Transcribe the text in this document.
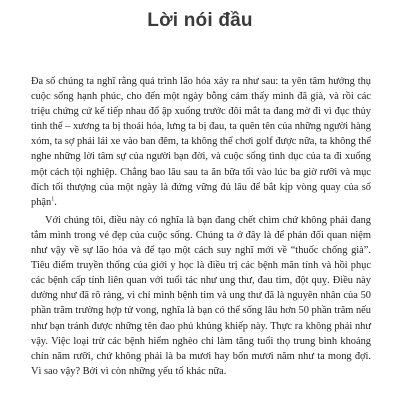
Lời nói đầu

Đa số chúng ta nghĩ rằng quá trình lão hóa xảy ra như sau: ta yên tâm hưởng thụ cuộc sống hạnh phúc, cho đến một ngày bỗng cảm thấy mình đã già, và rồi các triệu chứng cứ kế tiếp nhau đổ ập xuống trước đôi mắt ta đang mờ đi vì đục thủy tinh thể – xương ta bị thoái hóa, lưng ta bị đau, ta quên tên của những người hàng xóm, ta sợ phải lái xe vào ban đêm, ta không thể chơi golf được nữa, ta không thể nghe những lời tâm sự của người bạn đời, và cuộc sống tình dục của ta đi xuống một cách tội nghiệp. Chẳng bao lâu sau ta ăn bữa tối vào lúc ba giờ rưỡi và mục đích tối thượng của một ngày là đứng vững đủ lâu để bắt kịp vòng quay của số phận$^1$.

Với chúng tôi, điều này có nghĩa là bạn đang chết chìm chứ không phải đang tắm mình trong vẻ đẹp của cuộc sống. Chúng ta ở đây là để phản đối quan niệm như vậy về sự lão hóa và để tạo một cách suy nghĩ mới về “thuốc chống già”. Tiêu điểm truyền thống của giới y học là điều trị các bệnh mãn tính và hồi phục các bệnh cấp tính liên quan với tuổi tác như ung thư, đau tim, đột quỵ. Điều này dường như đã rõ ràng, vì chỉ mình bệnh tim và ung thư đã là nguyên nhân của 50 phần trăm trường hợp tử vong, nghĩa là bạn có thể sống lâu hơn 50 phần trăm nếu như bạn tránh được những tên đao phủ khủng khiếp này. Thực ra không phải như vậy. Việc loại trừ các bệnh hiểm nghèo chỉ làm tăng tuổi thọ trung bình khoảng chín năm rưỡi, chứ không phải là ba mươi hay bốn mươi năm như ta mong đợi. Vì sao vậy? Bởi vì còn những yếu tố khác nữa.
